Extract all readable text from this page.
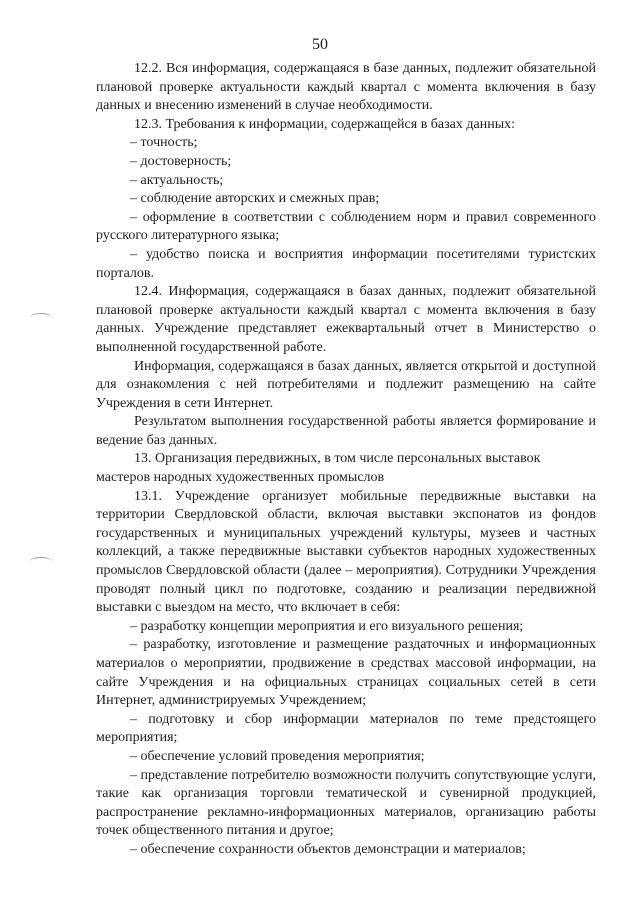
50

12.2. Вся информация, содержащаяся в базе данных, подлежит обязательной плановой проверке актуальности каждый квартал с момента включения в базу данных и внесению изменений в случае необходимости.

12.3. Требования к информации, содержащейся в базах данных:

– точность;

– достоверность;

– актуальность;

– соблюдение авторских и смежных прав;

– оформление в соответствии с соблюдением норм и правил современного русского литературного языка;

– удобство поиска и восприятия информации посетителями туристских порталов.

12.4. Информация, содержащаяся в базах данных, подлежит обязательной плановой проверке актуальности каждый квартал с момента включения в базу данных. Учреждение представляет ежеквартальный отчет в Министерство о выполненной государственной работе.

Информация, содержащаяся в базах данных, является открытой и доступной для ознакомления с ней потребителями и подлежит размещению на сайте Учреждения в сети Интернет.

Результатом выполнения государственной работы является формирование и ведение баз данных.

13. Организация передвижных, в том числе персональных выставок мастеров народных художественных промыслов

13.1. Учреждение организует мобильные передвижные выставки на территории Свердловской области, включая выставки экспонатов из фондов государственных и муниципальных учреждений культуры, музеев и частных коллекций, а также передвижные выставки субъектов народных художественных промыслов Свердловской области (далее – мероприятия). Сотрудники Учреждения проводят полный цикл по подготовке, созданию и реализации передвижной выставки с выездом на место, что включает в себя:

– разработку концепции мероприятия и его визуального решения;

– разработку, изготовление и размещение раздаточных и информационных материалов о мероприятии, продвижение в средствах массовой информации, на сайте Учреждения и на официальных страницах социальных сетей в сети Интернет, администрируемых Учреждением;

– подготовку и сбор информации материалов по теме предстоящего мероприятия;

– обеспечение условий проведения мероприятия;

– представление потребителю возможности получить сопутствующие услуги, такие как организация торговли тематической и сувенирной продукцией, распространение рекламно-информационных материалов, организацию работы точек общественного питания и другое;

– обеспечение сохранности объектов демонстрации и материалов;
